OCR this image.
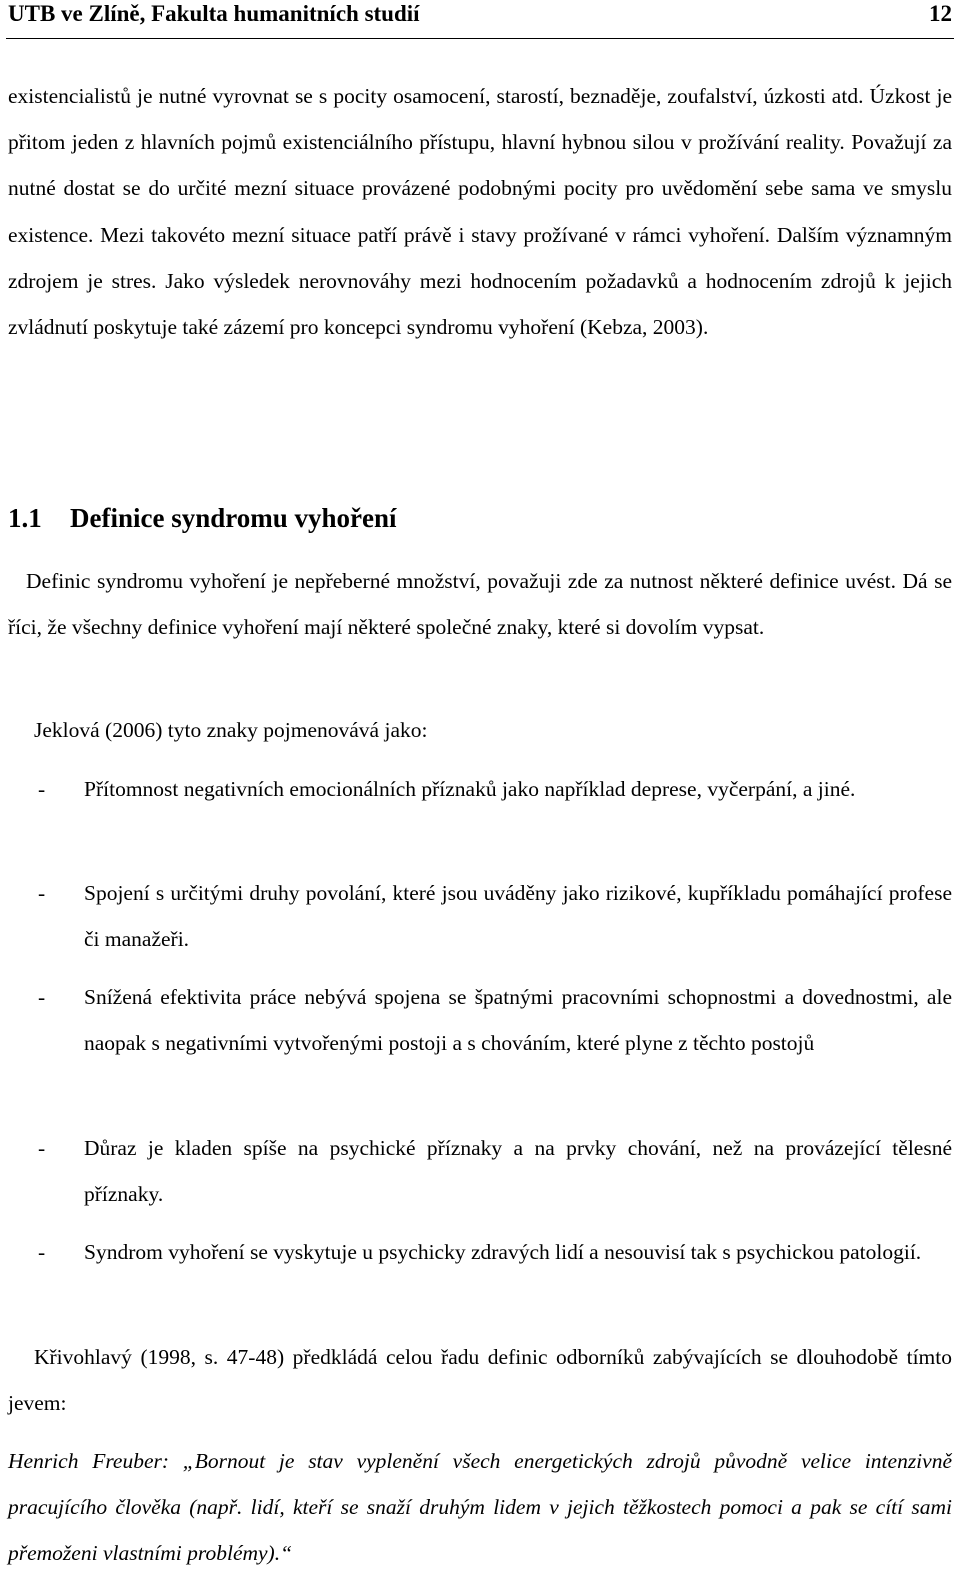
UTB ve Zlíně, Fakulta humanitních studií	12

existencialistů je nutné vyrovnat se s pocity osamocení, starostí, beznaděje, zoufalství, úzkosti atd. Úzkost je přitom jeden z hlavních pojmů existenciálního přístupu, hlavní hybnou silou v prožívání reality. Považují za nutné dostat se do určité mezní situace provázené podobnými pocity pro uvědomění sebe sama ve smyslu existence. Mezi takovéto mezní situace patří právě i stavy prožívané v rámci vyhoření. Dalším významným zdrojem je stres. Jako výsledek nerovnováhy mezi hodnocením požadavků a hodnocením zdrojů k jejich zvládnutí poskytuje také zázemí pro koncepci syndromu vyhoření (Kebza, 2003).

1.1 Definice syndromu vyhoření

Definic syndromu vyhoření je nepřeberné množství, považuji zde za nutnost některé definice uvést. Dá se říci, že všechny definice vyhoření mají některé společné znaky, které si dovolím vypsat.

Jeklová (2006) tyto znaky pojmenovává jako:

- Přítomnost negativních emocionálních příznaků jako například deprese, vyčerpání, a jiné.
- Spojení s určitými druhy povolání, které jsou uváděny jako rizikové, kupříkladu pomáhající profese či manažeři.
- Snížená efektivita práce nebývá spojena se špatnými pracovními schopnostmi a dovednostmi, ale naopak s negativními vytvořenými postoji a s chováním, které plyne z těchto postojů
- Důraz je kladen spíše na psychické příznaky a na prvky chování, než na provázející tělesné příznaky.
- Syndrom vyhoření se vyskytuje u psychicky zdravých lidí a nesouvisí tak s psychickou patologií.

Křivohlavý (1998, s. 47-48) předkládá celou řadu definic odborníků zabývajících se dlouhodobě tímto jevem:

Henrich Freuber: „Bornout je stav vyplenění všech energetických zdrojů původně velice intenzivně pracujícího člověka (např. lidí, kteří se snaží druhým lidem v jejich těžkostech pomoci a pak se cítí sami přemoženi vlastními problémy).“
